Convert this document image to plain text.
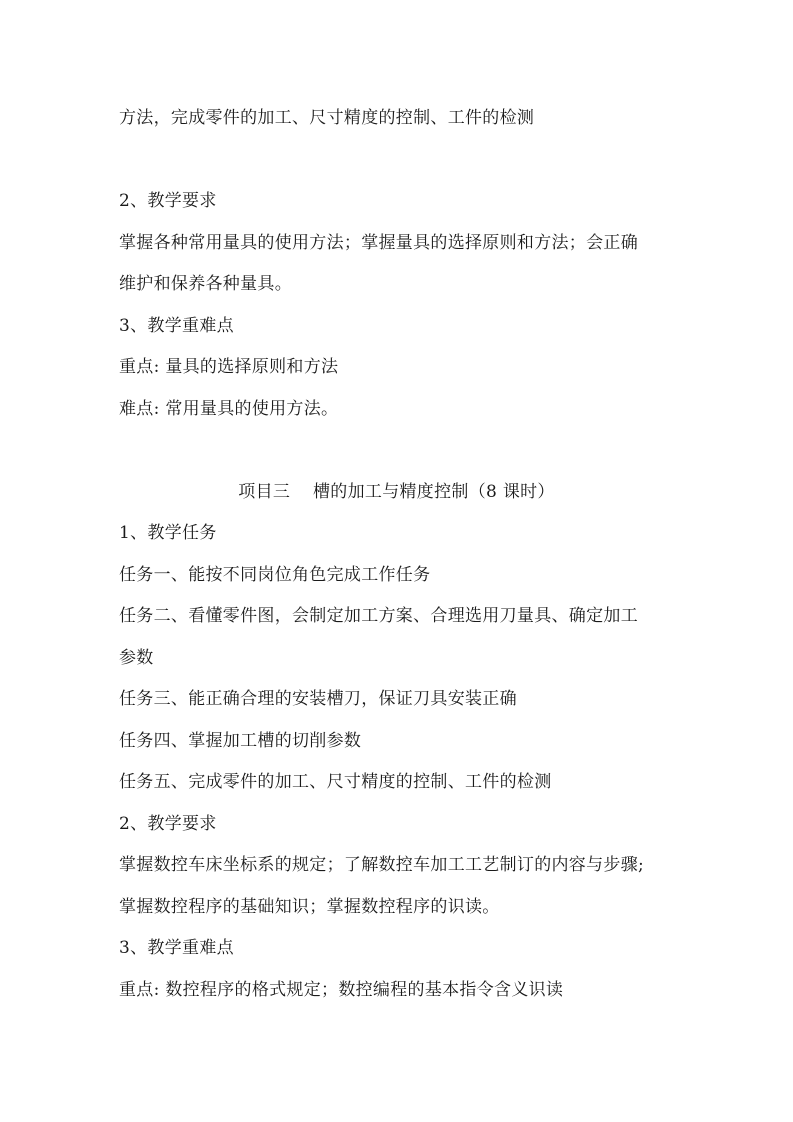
方法，完成零件的加工、尺寸精度的控制、工件的检测
2、教学要求
掌握各种常用量具的使用方法；掌握量具的选择原则和方法；会正确
维护和保养各种量具。
3、教学重难点
重点: 量具的选择原则和方法
难点: 常用量具的使用方法。
项目三    槽的加工与精度控制（8 课时）
1、教学任务
任务一、能按不同岗位角色完成工作任务
任务二、看懂零件图，会制定加工方案、合理选用刀量具、确定加工
参数
任务三、能正确合理的安装槽刀，保证刀具安装正确
任务四、掌握加工槽的切削参数
任务五、完成零件的加工、尺寸精度的控制、工件的检测
2、教学要求
掌握数控车床坐标系的规定；了解数控车加工工艺制订的内容与步骤;
掌握数控程序的基础知识；掌握数控程序的识读。
3、教学重难点
重点: 数控程序的格式规定；数控编程的基本指令含义识读
